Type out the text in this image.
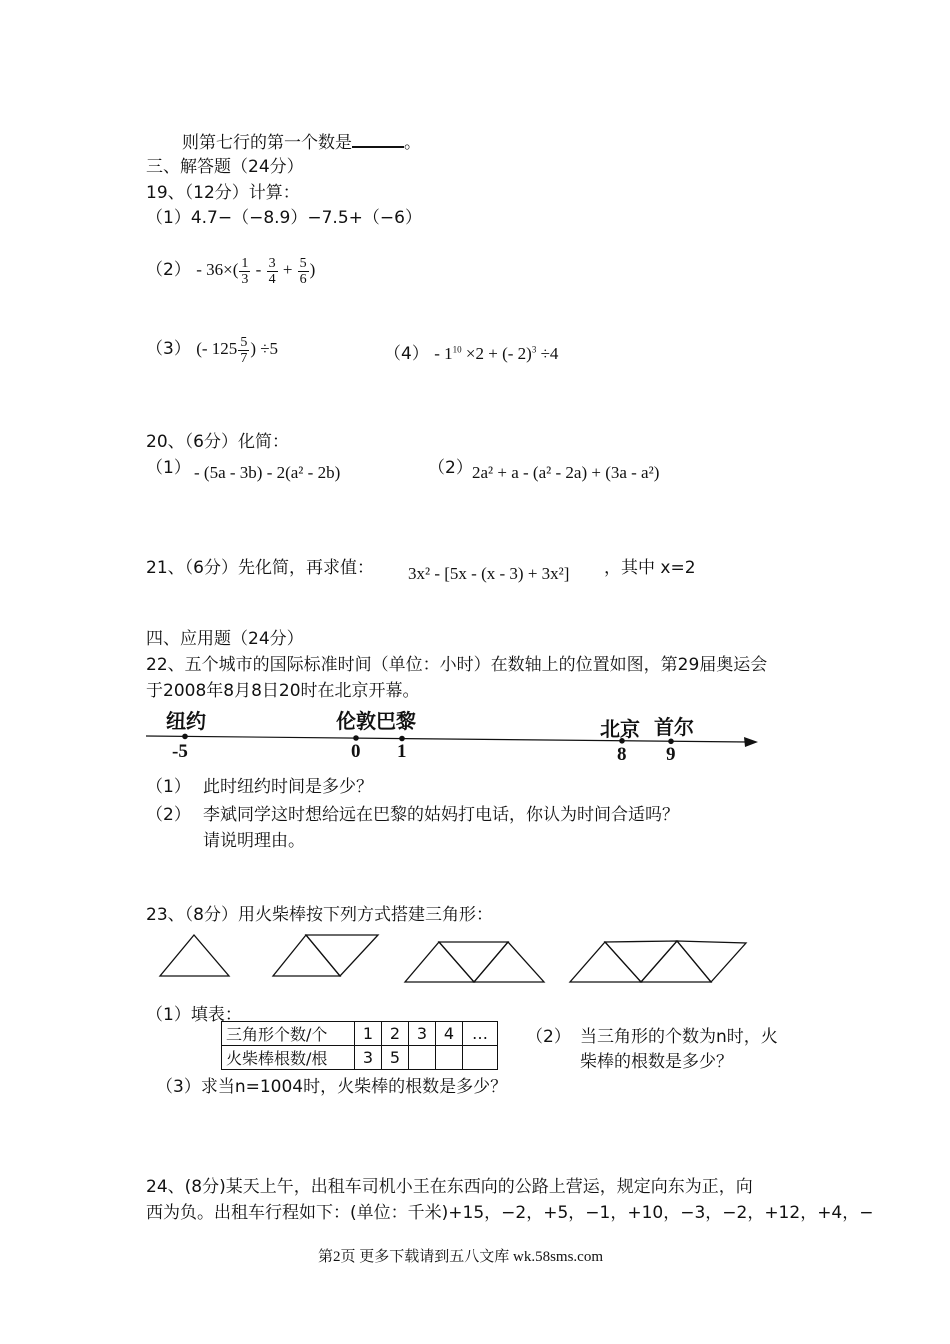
则第七行的第一个数是	。
三、解答题（24分）
19、（12分）计算：
（1）4.7−（−8.9）−7.5+（−6）
$(2) - 36\times( \frac{1}{3} - \frac{3}{4} + \frac{5}{6}$ )
（3） (- $125 \frac{5}{7}$ ) ÷5	$(4) - 1^{10} \times 2$ + (- 2)$^3$ ÷4
20、（6分）化简：
（1） - (5a - 3b) - 2(a² - 2b)	（2） 2a² + a - (a² - 2a) + (3a - a²)
21、（6分）先化简，再求值： 3x² - [5x - (x - 3) + 3x²] ，其中 x=2
四、应用题（24分）
22、五个城市的国际标准时间（单位：小时）在数轴上的位置如图，第29届奥运会
于2008年8月8日20时在北京开幕。
纽约	伦敦巴黎	北京 首尔
-5	0 1	8 9
（1） 此时纽约时间是多少？
（2） 李斌同学这时想给远在巴黎的姑妈打电话，你认为时间合适吗？
请说明理由。
23、（8分）用火柴棒按下列方式搭建三角形：
（1）填表：
三角形个数/个	1	2	3	4	…
火柴棒根数/根	3	5			
（2） 当三角形的个数为n时，火
柴棒的根数是多少？
（3）求当n=1004时，火柴棒的根数是多少？
24、(8分)某天上午，出租车司机小王在东西向的公路上营运，规定向东为正，向
西为负。出租车行程如下：(单位：千米)+15，−2，+5，−1，+10，−3，−2，+12，+4，−
第2页 更多下载请到五八文库 wk.58sms.com
